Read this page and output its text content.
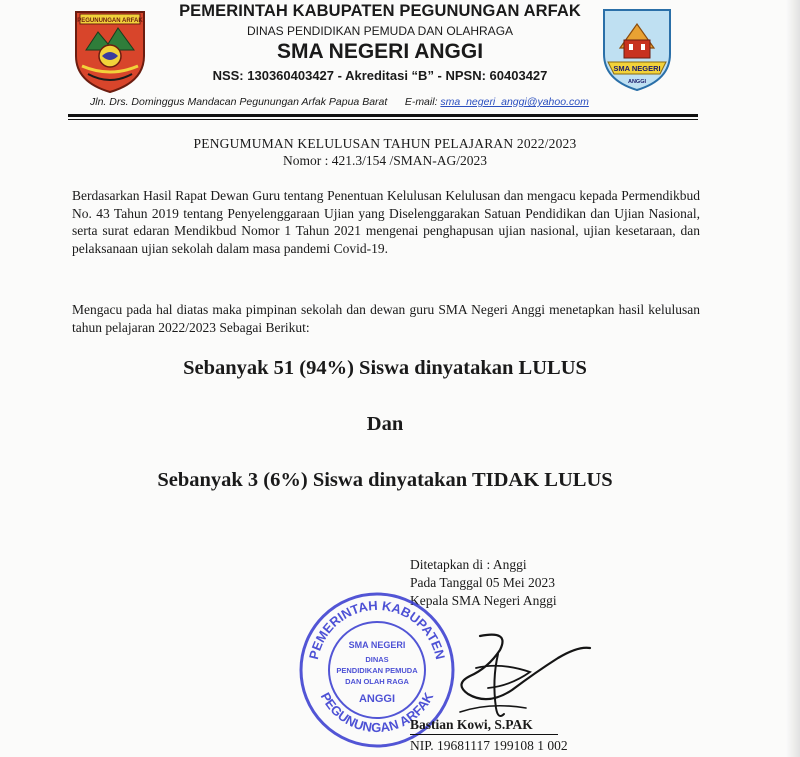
PEGUNUNGAN ARFAK
PEMERINTAH KABUPATEN PEGUNUNGAN ARFAK
DINAS PENDIDIKAN PEMUDA DAN OLAHRAGA
SMA NEGERI ANGGI
NSS: 130360403427 - Akreditasi “B” - NPSN: 60403427	SMA NEGERI
ANGGI
Jln. Drs. Dominggus Mandacan Pegunungan Arfak Papua Barat E-mail: sma_negeri_anggi@yahoo.com
PENGUMUMAN KELULUSAN TAHUN PELAJARAN 2022/2023
Nomor : 421.3/154 /SMAN-AG/2023
Berdasarkan Hasil Rapat Dewan Guru tentang Penentuan Kelulusan Kelulusan dan mengacu kepada Permendikbud No. 43 Tahun 2019 tentang Penyelenggaraan Ujian yang Diselenggarakan Satuan Pendidikan dan Ujian Nasional, serta surat edaran Mendikbud Nomor 1 Tahun 2021 mengenai penghapusan ujian nasional, ujian kesetaraan, dan pelaksanaan ujian sekolah dalam masa pandemi Covid-19.
Mengacu pada hal diatas maka pimpinan sekolah dan dewan guru SMA Negeri Anggi menetapkan hasil kelulusan tahun pelajaran 2022/2023 Sebagai Berikut:
Sebanyak 51 (94%) Siswa dinyatakan LULUS
Dan
Sebanyak 3 (6%) Siswa dinyatakan TIDAK LULUS
Ditetapkan di : Anggi
Pada Tanggal 05 Mei 2023
Kepala SMA Negeri Anggi
PEMERINTAH KABUPATEN
PEGUNUNGAN ARFAK
SMA NEGERI
DINAS
PENDIDIKAN PEMUDA
DAN OLAH RAGA
ANGGI
Bastian Kowi, S.PAK
NIP. 19681117 199108 1 002
